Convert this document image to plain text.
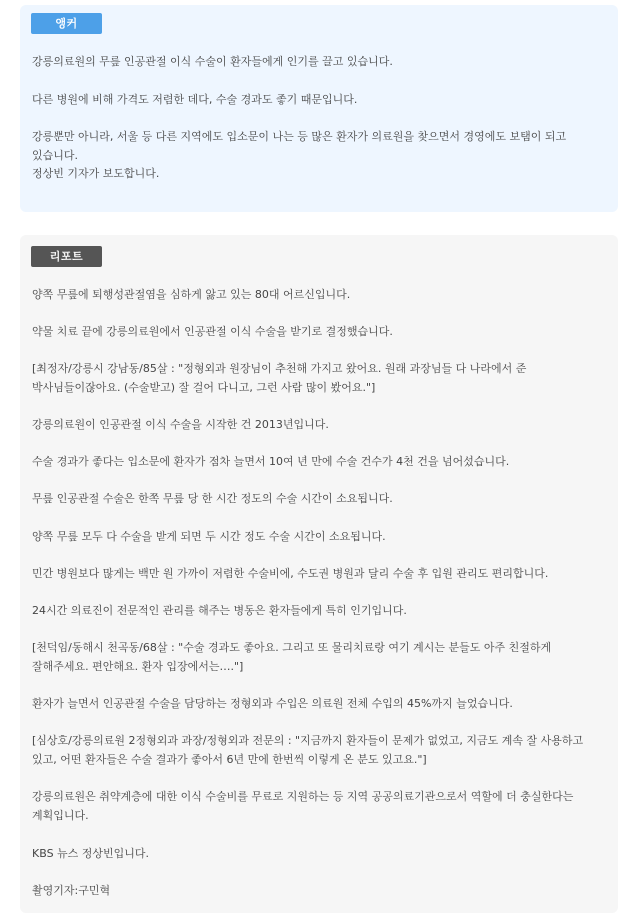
앵커

강릉의료원의 무릎 인공관절 이식 수술이 환자들에게 인기를 끌고 있습니다.

다른 병원에 비해 가격도 저렴한 데다, 수술 경과도 좋기 때문입니다.

강릉뿐만 아니라, 서울 등 다른 지역에도 입소문이 나는 등 많은 환자가 의료원을 찾으면서 경영에도 보탬이 되고 있습니다.

정상빈 기자가 보도합니다.

리포트

양쪽 무릎에 퇴행성관절염을 심하게 앓고 있는 80대 어르신입니다.

약물 치료 끝에 강릉의료원에서 인공관절 이식 수술을 받기로 결정했습니다.

[최정자/강릉시 강남동/85살 : "정형외과 원장님이 추천해 가지고 왔어요. 원래 과장님들 다 나라에서 준 박사님들이잖아요. (수술받고) 잘 걸어 다니고, 그런 사람 많이 봤어요."]

강릉의료원이 인공관절 이식 수술을 시작한 건 2013년입니다.

수술 경과가 좋다는 입소문에 환자가 점차 늘면서 10여 년 만에 수술 건수가 4천 건을 넘어섰습니다.

무릎 인공관절 수술은 한쪽 무릎 당 한 시간 정도의 수술 시간이 소요됩니다.

양쪽 무릎 모두 다 수술을 받게 되면 두 시간 정도 수술 시간이 소요됩니다.

민간 병원보다 많게는 백만 원 가까이 저렴한 수술비에, 수도권 병원과 달리 수술 후 입원 관리도 편리합니다.

24시간 의료진이 전문적인 관리를 해주는 병동은 환자들에게 특히 인기입니다.

[천덕임/동해시 천곡동/68살 : "수술 경과도 좋아요. 그리고 또 물리치료랑 여기 계시는 분들도 아주 친절하게 잘해주세요. 편안해요. 환자 입장에서는…."]

환자가 늘면서 인공관절 수술을 담당하는 정형외과 수입은 의료원 전체 수입의 45%까지 늘었습니다.

[심상호/강릉의료원 2정형외과 과장/정형외과 전문의 : "지금까지 환자들이 문제가 없었고, 지금도 계속 잘 사용하고 있고, 어떤 환자들은 수술 결과가 좋아서 6년 만에 한번씩 이렇게 온 분도 있고요."]

강릉의료원은 취약계층에 대한 이식 수술비를 무료로 지원하는 등 지역 공공의료기관으로서 역할에 더 충실한다는 계획입니다.

KBS 뉴스 정상빈입니다.

촬영기자:구민혁
